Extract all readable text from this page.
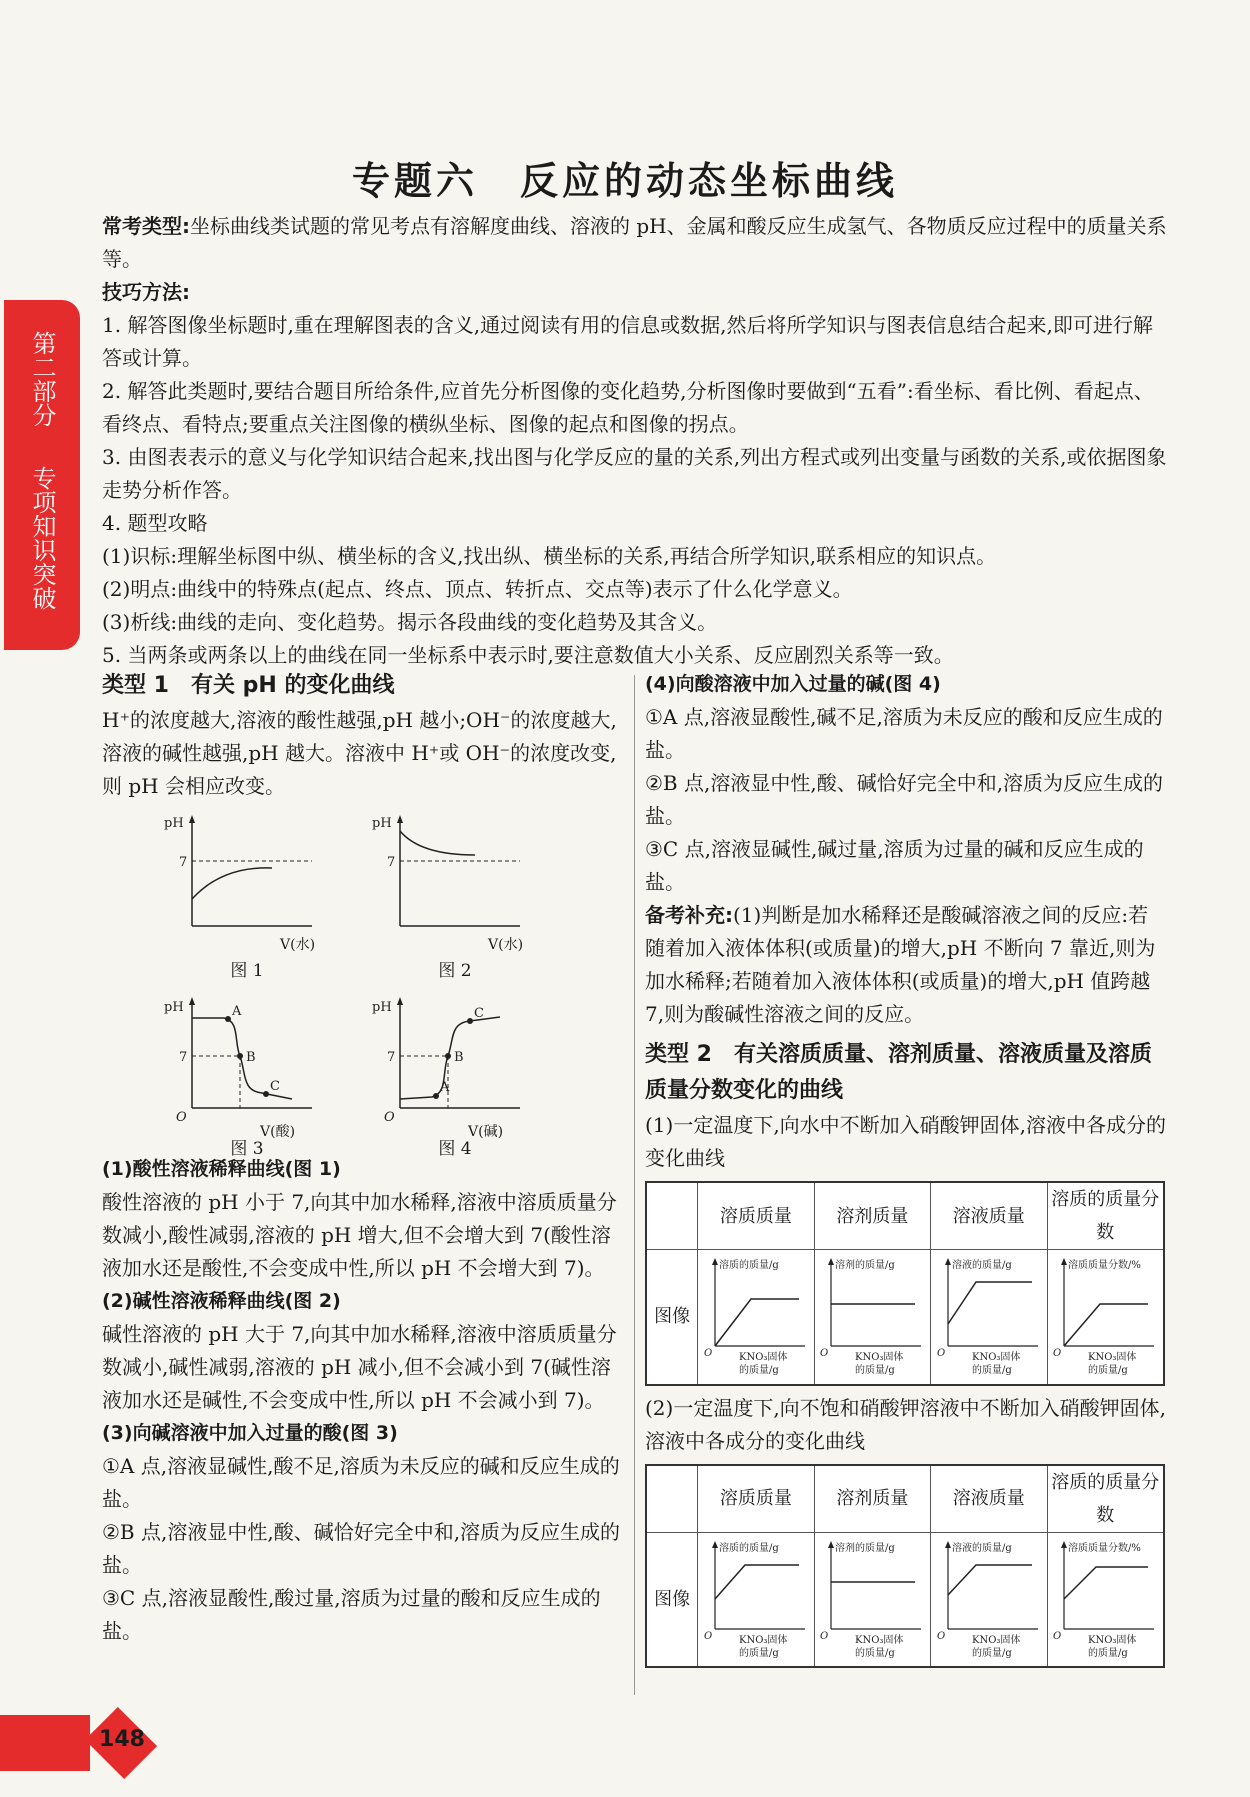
专题六　反应的动态坐标曲线
第二部分
专项知识突破

常考类型:坐标曲线类试题的常见考点有溶解度曲线、溶液的 pH、金属和酸反应生成氢气、各物质反应过程中的质量关系等。

技巧方法:

1. 解答图像坐标题时,重在理解图表的含义,通过阅读有用的信息或数据,然后将所学知识与图表信息结合起来,即可进行解答或计算。

2. 解答此类题时,要结合题目所给条件,应首先分析图像的变化趋势,分析图像时要做到“五看”:看坐标、看比例、看起点、看终点、看特点;要重点关注图像的横纵坐标、图像的起点和图像的拐点。

3. 由图表表示的意义与化学知识结合起来,找出图与化学反应的量的关系,列出方程式或列出变量与函数的关系,或依据图象走势分析作答。

4. 题型攻略

(1)识标:理解坐标图中纵、横坐标的含义,找出纵、横坐标的关系,再结合所学知识,联系相应的知识点。

(2)明点:曲线中的特殊点(起点、终点、顶点、转折点、交点等)表示了什么化学意义。

(3)析线:曲线的走向、变化趋势。揭示各段曲线的变化趋势及其含义。

5. 当两条或两条以上的曲线在同一坐标系中表示时,要注意数值大小关系、反应剧烈关系等一致。

类型 1　有关 pH 的变化曲线

H⁺的浓度越大,溶液的酸性越强,pH 越小;OH⁻的浓度越大,溶液的碱性越强,pH 越大。溶液中 H⁺或 OH⁻的浓度改变,则 pH 会相应改变。

pH
7
V(水)
图 1
pH
7
V(水)
图 2
pH
7
A
B
C
O
V(酸)
图 3
pH
7
A
B
C
O
V(碱)
图 4

(1)酸性溶液稀释曲线(图 1)

酸性溶液的 pH 小于 7,向其中加水稀释,溶液中溶质质量分数减小,酸性减弱,溶液的 pH 增大,但不会增大到 7(酸性溶液加水还是酸性,不会变成中性,所以 pH 不会增大到 7)。

(2)碱性溶液稀释曲线(图 2)

碱性溶液的 pH 大于 7,向其中加水稀释,溶液中溶质质量分数减小,碱性减弱,溶液的 pH 减小,但不会减小到 7(碱性溶液加水还是碱性,不会变成中性,所以 pH 不会减小到 7)。

(3)向碱溶液中加入过量的酸(图 3)

①A 点,溶液显碱性,酸不足,溶质为未反应的碱和反应生成的盐。

②B 点,溶液显中性,酸、碱恰好完全中和,溶质为反应生成的盐。

③C 点,溶液显酸性,酸过量,溶质为过量的酸和反应生成的盐。

(4)向酸溶液中加入过量的碱(图 4)

①A 点,溶液显酸性,碱不足,溶质为未反应的酸和反应生成的盐。

②B 点,溶液显中性,酸、碱恰好完全中和,溶质为反应生成的盐。

③C 点,溶液显碱性,碱过量,溶质为过量的碱和反应生成的盐。

备考补充:(1)判断是加水稀释还是酸碱溶液之间的反应:若随着加入液体体积(或质量)的增大,pH 不断向 7 靠近,则为加水稀释;若随着加入液体体积(或质量)的增大,pH 值跨越 7,则为酸碱性溶液之间的反应。

类型 2　有关溶质质量、溶剂质量、溶液质量及溶质质量分数变化的曲线

(1)一定温度下,向水中不断加入硝酸钾固体,溶液中各成分的变化曲线

	溶质质量	溶剂质量	溶液质量	溶质的质量分数
图像	溶质的质量/g
O KNO₃固体
的质量/g	溶剂的质量/g
O KNO₃固体
的质量/g	溶液的质量/g
O KNO₃固体
的质量/g	溶质质量分数/%
O KNO₃固体
的质量/g

(2)一定温度下,向不饱和硝酸钾溶液中不断加入硝酸钾固体,溶液中各成分的变化曲线

	溶质质量	溶剂质量	溶液质量	溶质的质量分数
图像	溶质的质量/g
O KNO₃固体
的质量/g	溶剂的质量/g
O KNO₃固体
的质量/g	溶液的质量/g
O KNO₃固体
的质量/g	溶质质量分数/%
O KNO₃固体
的质量/g
148
